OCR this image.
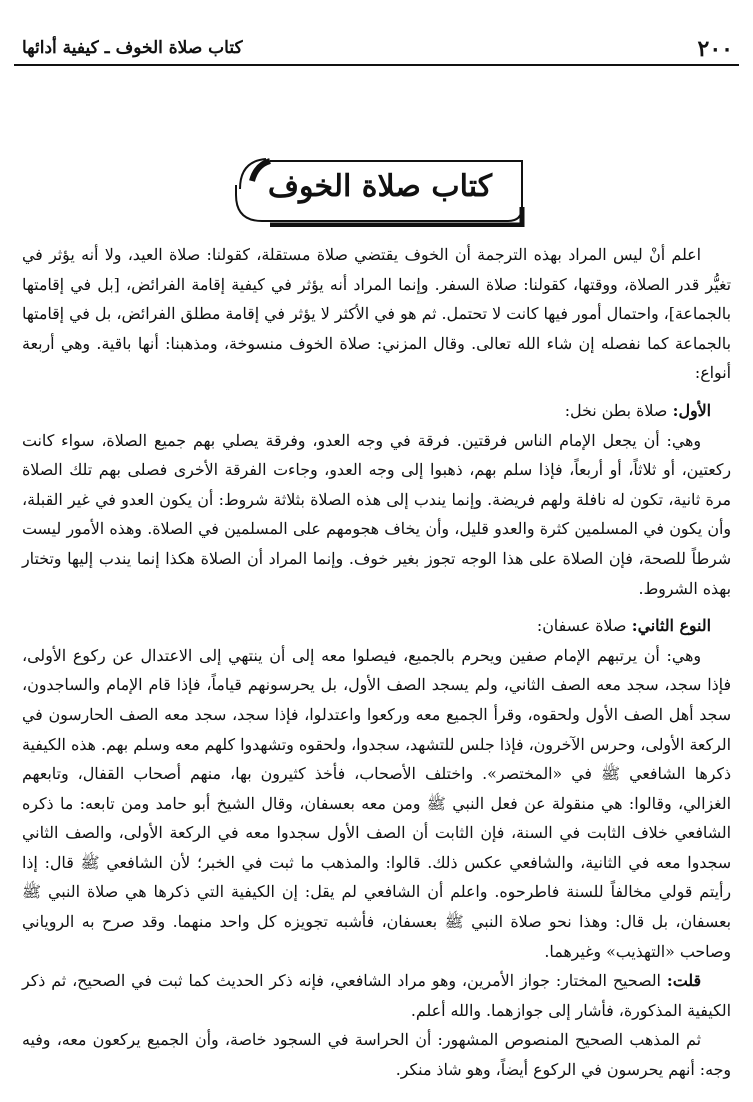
٢٠٠
كتاب صلاة الخوف ـ كيفية أدائها
كتاب صلاة الخوف

اعلم أنْ ليس المراد بهذه الترجمة أن الخوف يقتضي صلاة مستقلة، كقولنا: صلاة العيد، ولا أنه يؤثر في تغيُّر قدر الصلاة، ووقتها، كقولنا: صلاة السفر. وإنما المراد أنه يؤثر في كيفية إقامة الفرائض، [بل في إقامتها بالجماعة]، واحتمال أمور فيها كانت لا تحتمل. ثم هو في الأكثر لا يؤثر في إقامة مطلق الفرائض، بل في إقامتها بالجماعة كما نفصله إن شاء الله تعالى. وقال المزني: صلاة الخوف منسوخة، ومذهبنا: أنها باقية. وهي أربعة أنواع:

الأول: صلاة بطن نخل:

وهي: أن يجعل الإمام الناس فرقتين. فرقة في وجه العدو، وفرقة يصلي بهم جميع الصلاة، سواء كانت ركعتين، أو ثلاثاً، أو أربعاً، فإذا سلم بهم، ذهبوا إلى وجه العدو، وجاءت الفرقة الأخرى فصلى بهم تلك الصلاة مرة ثانية، تكون له نافلة ولهم فريضة. وإنما يندب إلى هذه الصلاة بثلاثة شروط: أن يكون العدو في غير القبلة، وأن يكون في المسلمين كثرة والعدو قليل، وأن يخاف هجومهم على المسلمين في الصلاة. وهذه الأمور ليست شرطاً للصحة، فإن الصلاة على هذا الوجه تجوز بغير خوف. وإنما المراد أن الصلاة هكذا إنما يندب إليها وتختار بهذه الشروط.

النوع الثاني: صلاة عسفان:

وهي: أن يرتبهم الإمام صفين ويحرم بالجميع، فيصلوا معه إلى أن ينتهي إلى الاعتدال عن ركوع الأولى، فإذا سجد، سجد معه الصف الثاني، ولم يسجد الصف الأول، بل يحرسونهم قياماً، فإذا قام الإمام والساجدون، سجد أهل الصف الأول ولحقوه، وقرأ الجميع معه وركعوا واعتدلوا، فإذا سجد، سجد معه الصف الحارسون في الركعة الأولى، وحرس الآخرون، فإذا جلس للتشهد، سجدوا، ولحقوه وتشهدوا كلهم معه وسلم بهم. هذه الكيفية ذكرها الشافعي ﷺ في «المختصر». واختلف الأصحاب، فأخذ كثيرون بها، منهم أصحاب القفال، وتابعهم الغزالي، وقالوا: هي منقولة عن فعل النبي ﷺ ومن معه بعسفان، وقال الشيخ أبو حامد ومن تابعه: ما ذكره الشافعي خلاف الثابت في السنة، فإن الثابت أن الصف الأول سجدوا معه في الركعة الأولى، والصف الثاني سجدوا معه في الثانية، والشافعي عكس ذلك. قالوا: والمذهب ما ثبت في الخبر؛ لأن الشافعي ﷺ قال: إذا رأيتم قولي مخالفاً للسنة فاطرحوه. واعلم أن الشافعي لم يقل: إن الكيفية التي ذكرها هي صلاة النبي ﷺ بعسفان، بل قال: وهذا نحو صلاة النبي ﷺ بعسفان، فأشبه تجويزه كل واحد منهما. وقد صرح به الروياني وصاحب «التهذيب» وغيرهما.

قلت: الصحيح المختار: جواز الأمرين، وهو مراد الشافعي، فإنه ذكر الحديث كما ثبت في الصحيح، ثم ذكر الكيفية المذكورة، فأشار إلى جوازهما. والله أعلم.

ثم المذهب الصحيح المنصوص المشهور: أن الحراسة في السجود خاصة، وأن الجميع يركعون معه، وفيه وجه: أنهم يحرسون في الركوع أيضاً، وهو شاذ منكر.
